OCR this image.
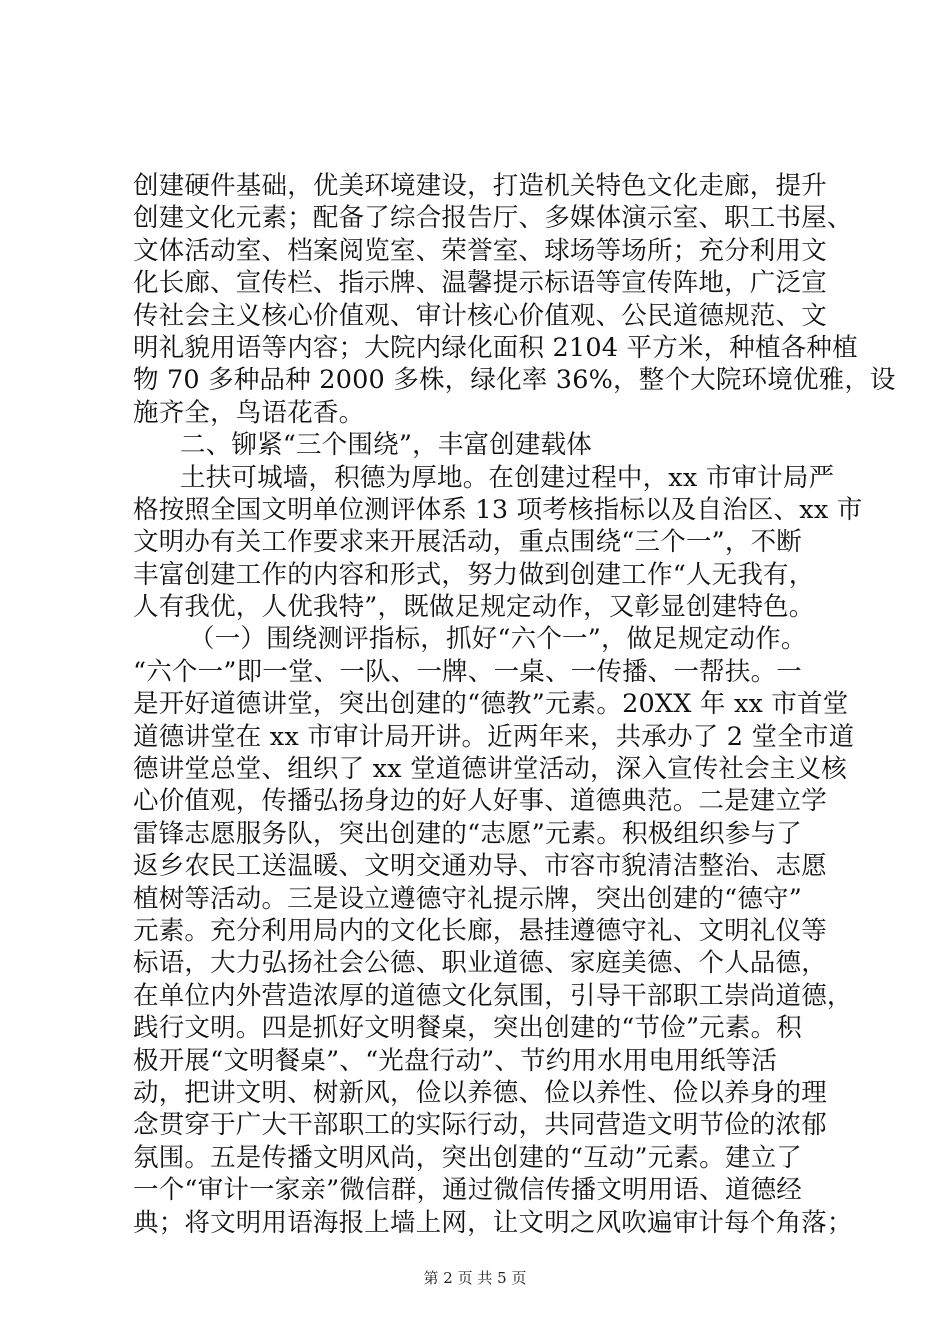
创建硬件基础，优美环境建设，打造机关特色文化走廊，提升
创建文化元素；配备了综合报告厅、多媒体演示室、职工书屋、
文体活动室、档案阅览室、荣誉室、球场等场所；充分利用文
化长廊、宣传栏、指示牌、温馨提示标语等宣传阵地，广泛宣
传社会主义核心价值观、审计核心价值观、公民道德规范、文
明礼貌用语等内容；大院内绿化面积 2104 平方米，种植各种植
物 70 多种品种 2000 多株，绿化率 36%，整个大院环境优雅，设
施齐全，鸟语花香。
二、铆紧“三个围绕”，丰富创建载体
土扶可城墙，积德为厚地。在创建过程中，xx 市审计局严
格按照全国文明单位测评体系 13 项考核指标以及自治区、xx 市
文明办有关工作要求来开展活动，重点围绕“三个一”，不断
丰富创建工作的内容和形式，努力做到创建工作“人无我有，
人有我优，人优我特”，既做足规定动作，又彰显创建特色。
（一）围绕测评指标，抓好“六个一”，做足规定动作。
“六个一”即一堂、一队、一牌、一桌、一传播、一帮扶。一
是开好道德讲堂，突出创建的“德教”元素。20XX 年 xx 市首堂
道德讲堂在 xx 市审计局开讲。近两年来，共承办了 2 堂全市道
德讲堂总堂、组织了 xx 堂道德讲堂活动，深入宣传社会主义核
心价值观，传播弘扬身边的好人好事、道德典范。二是建立学
雷锋志愿服务队，突出创建的“志愿”元素。积极组织参与了
返乡农民工送温暖、文明交通劝导、市容市貌清洁整治、志愿
植树等活动。三是设立遵德守礼提示牌，突出创建的“德守”
元素。充分利用局内的文化长廊，悬挂遵德守礼、文明礼仪等
标语，大力弘扬社会公德、职业道德、家庭美德、个人品德，
在单位内外营造浓厚的道德文化氛围，引导干部职工崇尚道德，
践行文明。四是抓好文明餐桌，突出创建的“节俭”元素。积
极开展“文明餐桌”、“光盘行动”、节约用水用电用纸等活
动，把讲文明、树新风，俭以养德、俭以养性、俭以养身的理
念贯穿于广大干部职工的实际行动，共同营造文明节俭的浓郁
氛围。五是传播文明风尚，突出创建的“互动”元素。建立了
一个“审计一家亲”微信群，通过微信传播文明用语、道德经
典；将文明用语海报上墙上网，让文明之风吹遍审计每个角落；
第 2 页 共 5 页
